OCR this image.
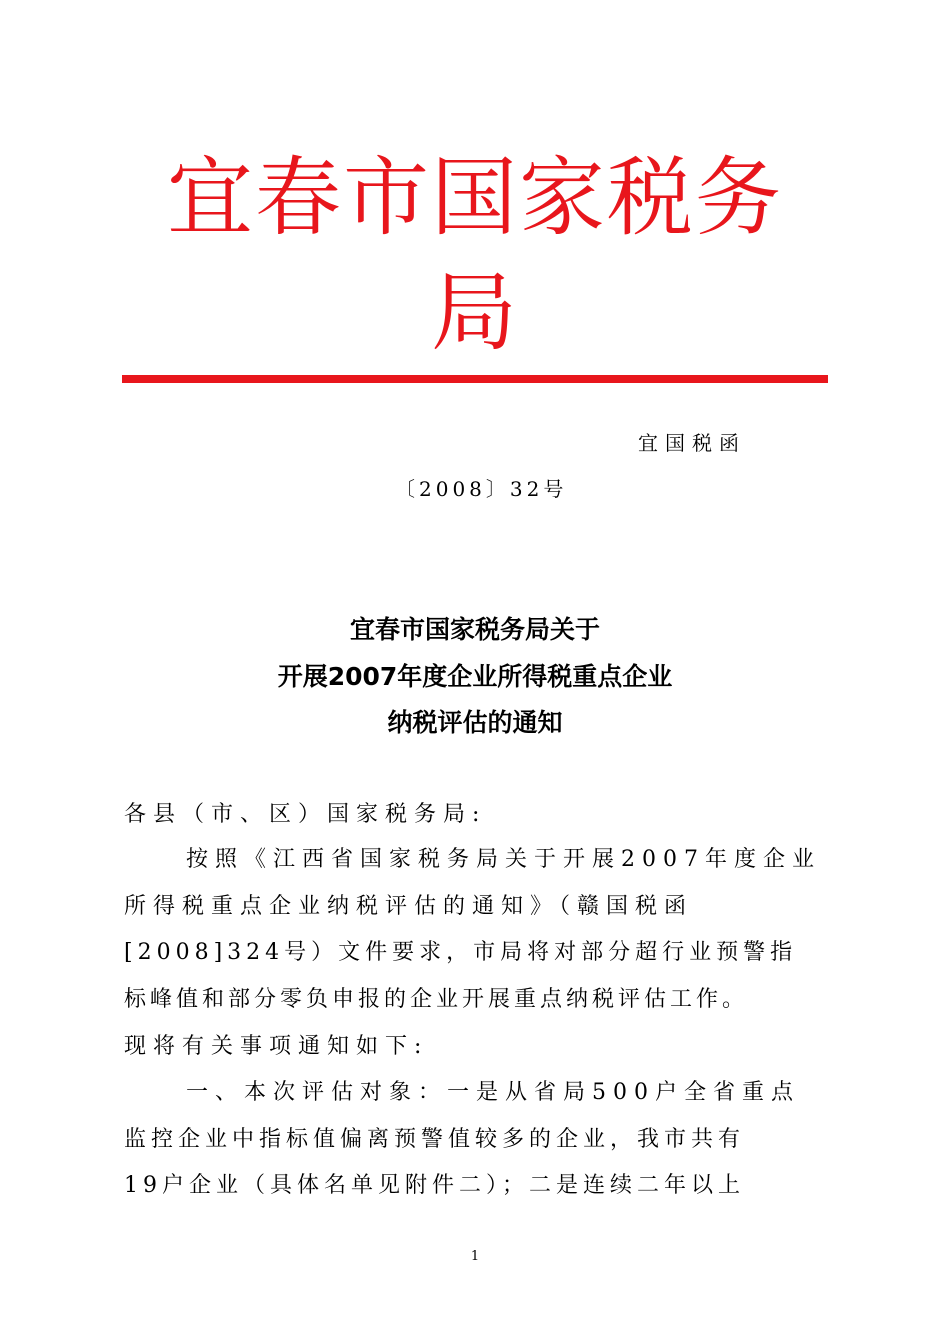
宜春市国家税务
局
宜国税函
〔2008〕32号
宜春市国家税务局关于
开展2007年度企业所得税重点企业
纳税评估的通知
各县（市、区）国家税务局:
按照《江西省国家税务局关于开展2007年度企业
所得税重点企业纳税评估的通知》（赣国税函
[2008]324号）文件要求，市局将对部分超行业预警指
标峰值和部分零负申报的企业开展重点纳税评估工作。
现将有关事项通知如下:
一、本次评估对象：一是从省局500户全省重点
监控企业中指标值偏离预警值较多的企业，我市共有
19户企业（具体名单见附件二）；二是连续二年以上
1
